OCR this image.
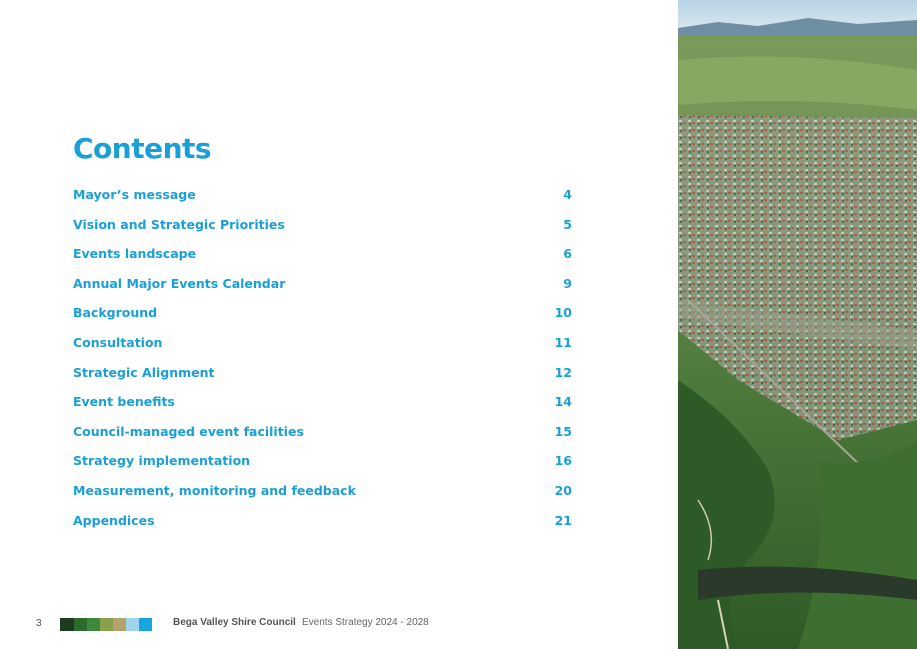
Contents
Mayor’s message	4
Vision and Strategic Priorities	5
Events landscape	6
Annual Major Events Calendar	9
Background	10
Consultation	11
Strategic Alignment	12
Event benefits	14
Council-managed event facilities	15
Strategy implementation	16
Measurement, monitoring and feedback	20
Appendices	21
3	Bega Valley Shire Council Events Strategy 2024 - 2028
